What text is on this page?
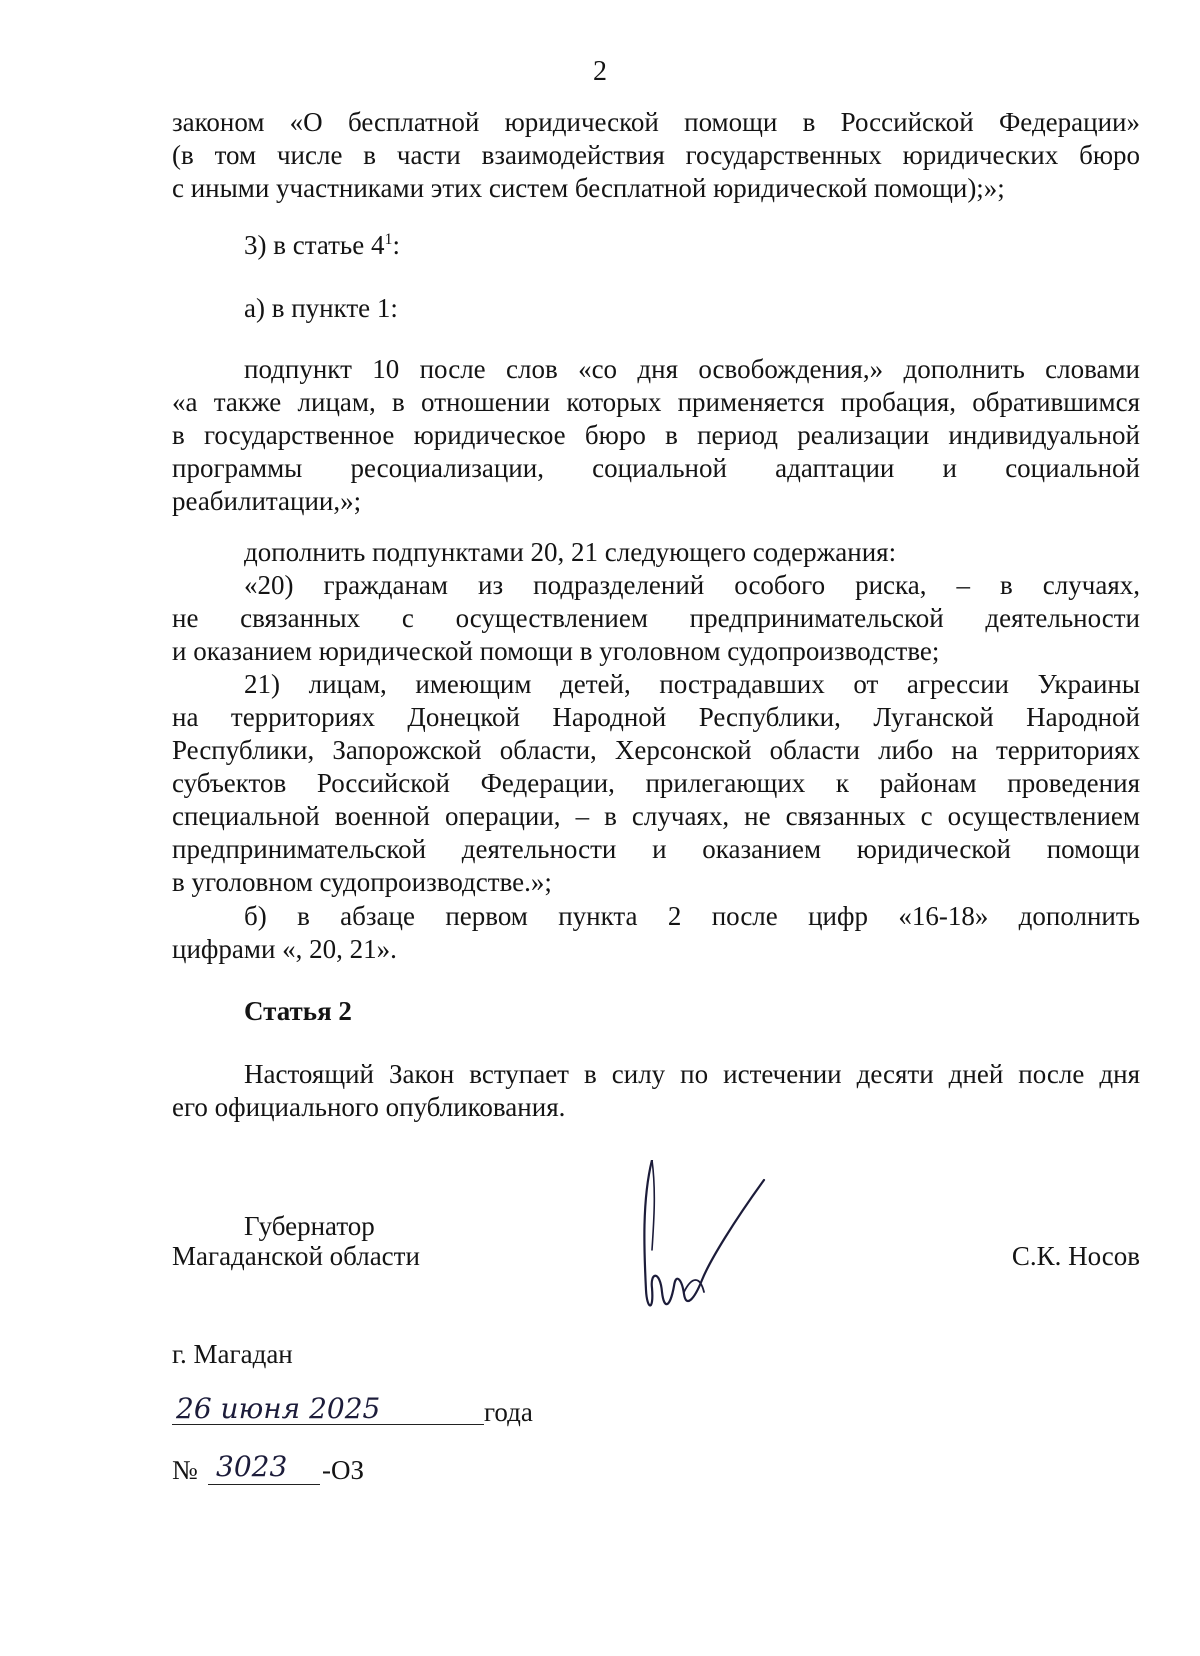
2

законом «О бесплатной юридической помощи в Российской Федерации»

(в том числе в части взаимодействия государственных юридических бюро

с иными участниками этих систем бесплатной юридической помощи);»;

3) в статье $4^1$:

а) в пункте 1:

подпункт 10 после слов «со дня освобождения,» дополнить словами

«а также лицам, в отношении которых применяется пробация, обратившимся

в государственное юридическое бюро в период реализации индивидуальной

программы ресоциализации, социальной адаптации и социальной

реабилитации,»;

дополнить подпунктами 20, 21 следующего содержания:

«20) гражданам из подразделений особого риска, – в случаях,

не связанных с осуществлением предпринимательской деятельности

и оказанием юридической помощи в уголовном судопроизводстве;

21) лицам, имеющим детей, пострадавших от агрессии Украины

на территориях Донецкой Народной Республики, Луганской Народной

Республики, Запорожской области, Херсонской области либо на территориях

субъектов Российской Федерации, прилегающих к районам проведения

специальной военной операции, – в случаях, не связанных с осуществлением

предпринимательской деятельности и оказанием юридической помощи

в уголовном судопроизводстве.»;

б) в абзаце первом пункта 2 после цифр «16-18» дополнить

цифрами «, 20, 21».

Статья 2

Настоящий Закон вступает в силу по истечении десяти дней после дня

его официального опубликования.

Губернатор
Магаданской области	С.К. Носов
г. Магадан
26 июня 2025	года
№ 3023 -ОЗ
